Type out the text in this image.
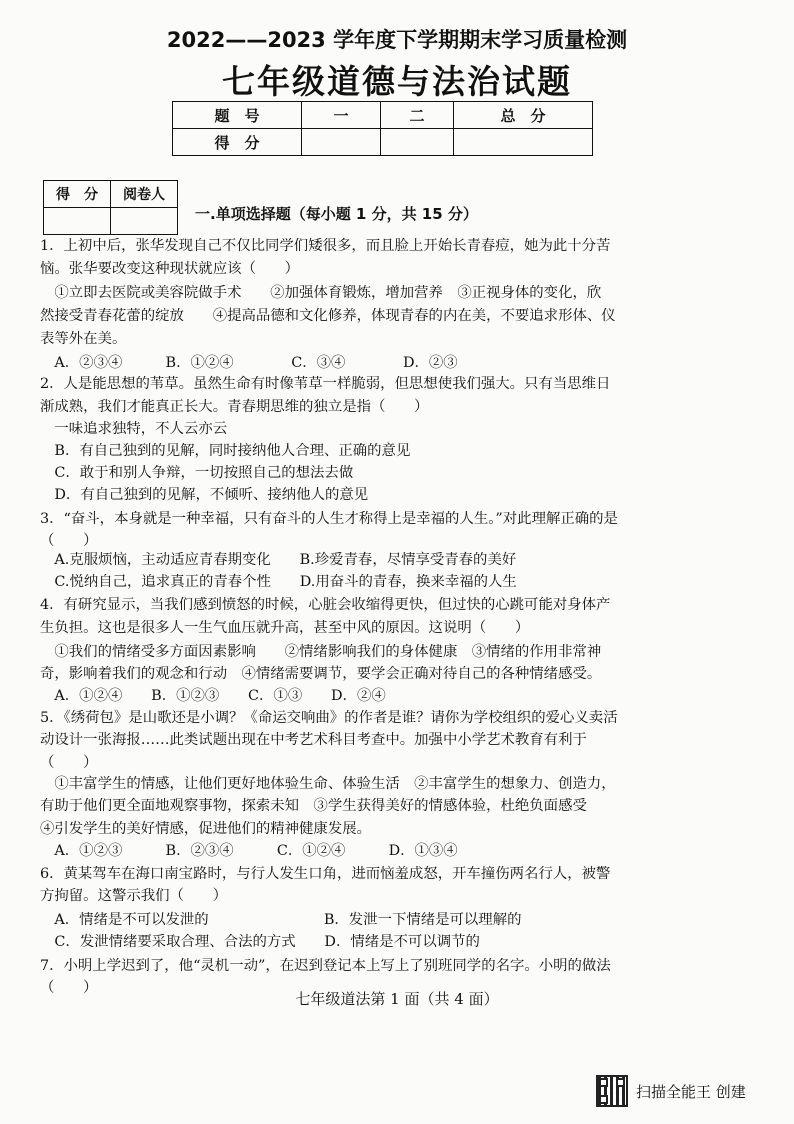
2022——2023 学年度下学期期末学习质量检测
七年级道德与法治试题
题　号	一	二	总　分
得　分			
得　分	阅卷人

一.单项选择题（每小题 1 分，共 15 分）
1．上初中后，张华发现自己不仅比同学们矮很多，而且脸上开始长青春痘，她为此十分苦
恼。张华要改变这种现状就应该（　　）
　①立即去医院或美容院做手术　　②加强体育锻炼，增加营养　③正视身体的变化，欣
然接受青春花蕾的绽放　　④提高品德和文化修养，体现青春的内在美，不要追求形体、仪
表等外在美。
　A．②③④　　　B．①②④　　　　C．③④　　　　D．②③
2．人是能思想的苇草。虽然生命有时像苇草一样脆弱，但思想使我们强大。只有当思维日
渐成熟，我们才能真正长大。青春期思维的独立是指（　　）
　一味追求独特，不人云亦云
　B．有自己独到的见解，同时接纳他人合理、正确的意见
　C．敢于和别人争辩，一切按照自己的想法去做
　D．有自己独到的见解，不倾听、接纳他人的意见
3．“奋斗，本身就是一种幸福，只有奋斗的人生才称得上是幸福的人生。”对此理解正确的是
（　　）
　A.克服烦恼，主动适应青春期变化　　B.珍爱青春，尽情享受青春的美好
　C.悦纳自己，追求真正的青春个性　　D.用奋斗的青春，换来幸福的人生
4．有研究显示，当我们感到愤怒的时候，心脏会收缩得更快，但过快的心跳可能对身体产
生负担。这也是很多人一生气血压就升高，甚至中风的原因。这说明（　　）
　①我们的情绪受多方面因素影响　　②情绪影响我们的身体健康　③情绪的作用非常神
奇，影响着我们的观念和行动　④情绪需要调节，要学会正确对待自己的各种情绪感受。
　A．①②④　　B．①②③　　C．①③　　D．②④
5．《绣荷包》是山歌还是小调？《命运交响曲》的作者是谁？请你为学校组织的爱心义卖活
动设计一张海报……此类试题出现在中考艺术科目考查中。加强中小学艺术教育有利于
（　　）
　①丰富学生的情感，让他们更好地体验生命、体验生活　②丰富学生的想象力、创造力，
有助于他们更全面地观察事物，探索未知　③学生获得美好的情感体验，杜绝负面感受
④引发学生的美好情感，促进他们的精神健康发展。
　A．①②③　　　B．②③④　　　C．①②④　　　D．①③④
6．黄某驾车在海口南宝路时，与行人发生口角，进而恼羞成怒，开车撞伤两名行人，被警
方拘留。这警示我们（　　）
　A．情绪是不可以发泄的　　　　　　　　B．发泄一下情绪是可以理解的
　C．发泄情绪要采取合理、合法的方式　　D．情绪是不可以调节的
7．小明上学迟到了，他“灵机一动”，在迟到登记本上写上了别班同学的名字。小明的做法
（　　）
七年级道法第 1 面（共 4 面）
扫描全能王 创建
